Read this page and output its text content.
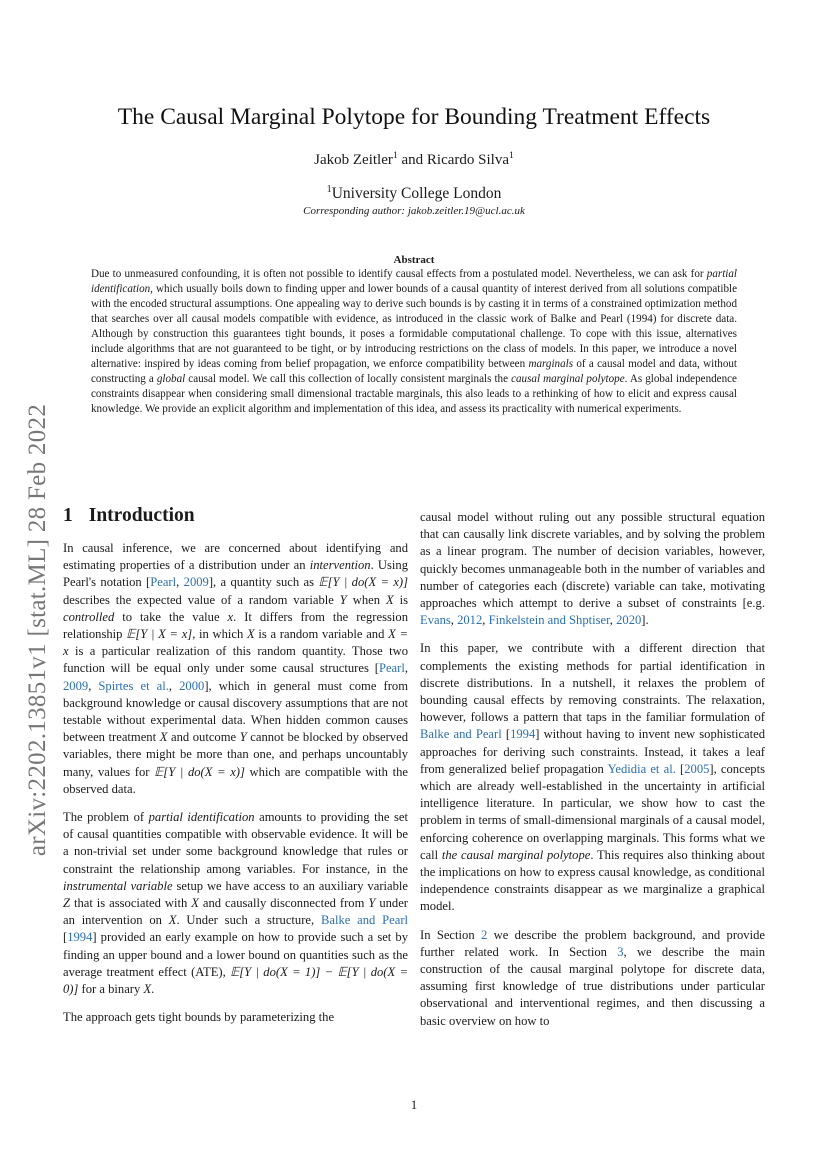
arXiv:2202.13851v1 [stat.ML] 28 Feb 2022
The Causal Marginal Polytope for Bounding Treatment Effects
Jakob Zeitler$^1$ and Ricardo Silva$^1$
$^1$University College London
Corresponding author: jakob.zeitler.19@ucl.ac.uk
Abstract
Due to unmeasured confounding, it is often not possible to identify causal effects from a postulated model. Nevertheless, we can ask for partial identification, which usually boils down to finding upper and lower bounds of a causal quantity of interest derived from all solutions compatible with the encoded structural assumptions. One appealing way to derive such bounds is by casting it in terms of a constrained optimization method that searches over all causal models compatible with evidence, as introduced in the classic work of Balke and Pearl (1994) for discrete data. Although by construction this guarantees tight bounds, it poses a formidable computational challenge. To cope with this issue, alternatives include algorithms that are not guaranteed to be tight, or by introducing restrictions on the class of models. In this paper, we introduce a novel alternative: inspired by ideas coming from belief propagation, we enforce compatibility between marginals of a causal model and data, without constructing a global causal model. We call this collection of locally consistent marginals the causal marginal polytope. As global independence constraints disappear when considering small dimensional tractable marginals, this also leads to a rethinking of how to elicit and express causal knowledge. We provide an explicit algorithm and implementation of this idea, and assess its practicality with numerical experiments.
1 Introduction

In causal inference, we are concerned about identifying and estimating properties of a distribution under an intervention. Using Pearl's notation [Pearl, 2009], a quantity such as 𝔼[Y | do(X = x)] describes the expected value of a random variable Y when X is controlled to take the value x. It differs from the regression relationship 𝔼[Y | X = x], in which X is a random variable and X = x is a particular realization of this random quantity. Those two function will be equal only under some causal structures [Pearl, 2009, Spirtes et al., 2000], which in general must come from background knowledge or causal discovery assumptions that are not testable without experimental data. When hidden common causes between treatment X and outcome Y cannot be blocked by observed variables, there might be more than one, and perhaps uncountably many, values for 𝔼[Y | do(X = x)] which are compatible with the observed data.

The problem of partial identification amounts to providing the set of causal quantities compatible with observable evidence. It will be a non-trivial set under some background knowledge that rules or constraint the relationship among variables. For instance, in the instrumental variable setup we have access to an auxiliary variable Z that is associated with X and causally disconnected from Y under an intervention on X. Under such a structure, Balke and Pearl [1994] provided an early example on how to provide such a set by finding an upper bound and a lower bound on quantities such as the average treatment effect (ATE), 𝔼[Y | do(X = 1)] − 𝔼[Y | do(X = 0)] for a binary X.

The approach gets tight bounds by parameterizing the

causal model without ruling out any possible structural equation that can causally link discrete variables, and by solving the problem as a linear program. The number of decision variables, however, quickly becomes unmanageable both in the number of variables and number of categories each (discrete) variable can take, motivating approaches which attempt to derive a subset of constraints [e.g. Evans, 2012, Finkelstein and Shptiser, 2020].

In this paper, we contribute with a different direction that complements the existing methods for partial identification in discrete distributions. In a nutshell, it relaxes the problem of bounding causal effects by removing constraints. The relaxation, however, follows a pattern that taps in the familiar formulation of Balke and Pearl [1994] without having to invent new sophisticated approaches for deriving such constraints. Instead, it takes a leaf from generalized belief propagation Yedidia et al. [2005], concepts which are already well-established in the uncertainty in artificial intelligence literature. In particular, we show how to cast the problem in terms of small-dimensional marginals of a causal model, enforcing coherence on overlapping marginals. This forms what we call the causal marginal polytope. This requires also thinking about the implications on how to express causal knowledge, as conditional independence constraints disappear as we marginalize a graphical model.

In Section 2 we describe the problem background, and provide further related work. In Section 3, we describe the main construction of the causal marginal polytope for discrete data, assuming first knowledge of true distributions under particular observational and interventional regimes, and then discussing a basic overview on how to

1
